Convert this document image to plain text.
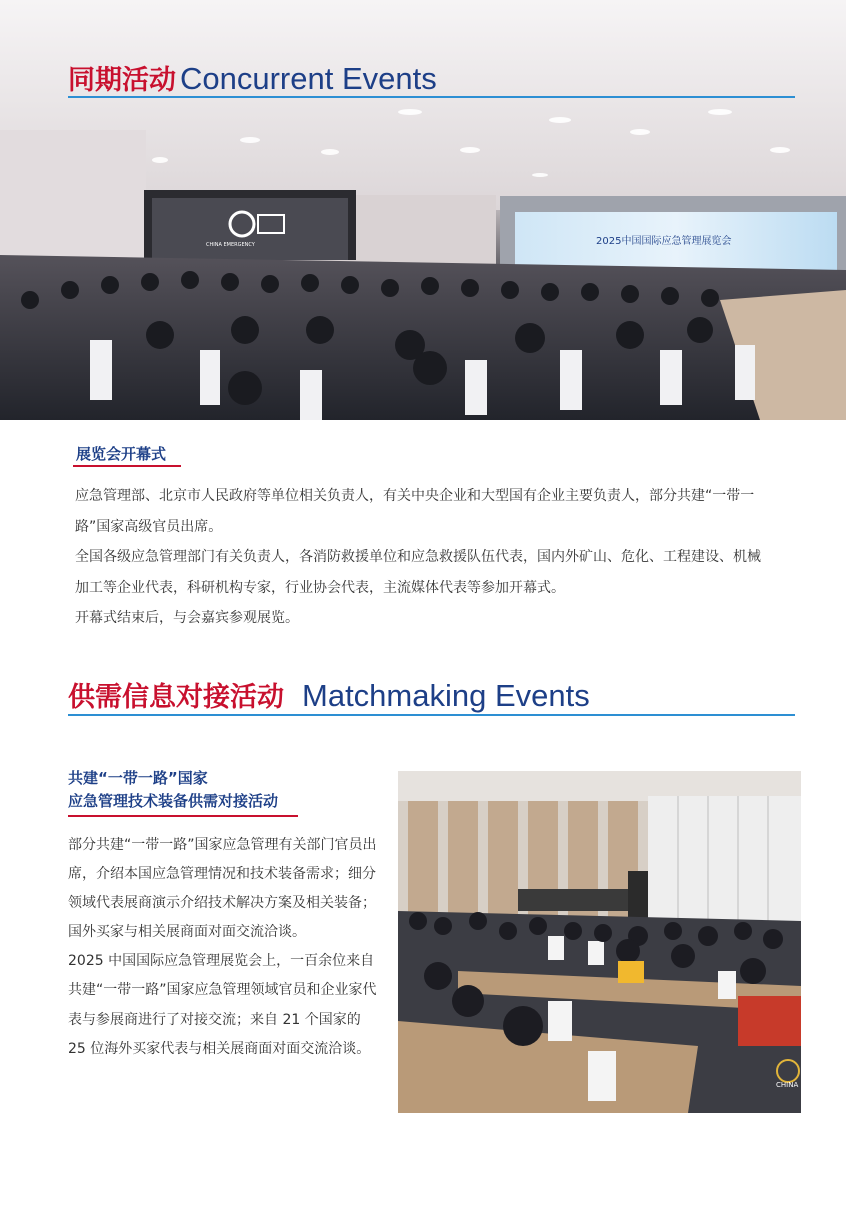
CHINA EMERGENCY	2025中国国际应急管理展览会
同期活动 Concurrent Events
展览会开幕式

应急管理部、北京市人民政府等单位相关负责人，有关中央企业和大型国有企业主要负责人，部分共建“一带一路”国家高级官员出席。

全国各级应急管理部门有关负责人，各消防救援单位和应急救援队伍代表，国内外矿山、危化、工程建设、机械加工等企业代表，科研机构专家，行业协会代表，主流媒体代表等参加开幕式。

开幕式结束后，与会嘉宾参观展览。

供需信息对接活动 Matchmaking Events
共建“一带一路”国家
应急管理技术装备供需对接活动

部分共建“一带一路”国家应急管理有关部门官员出席，介绍本国应急管理情况和技术装备需求；细分领域代表展商演示介绍技术解决方案及相关装备；国外买家与相关展商面对面交流洽谈。

2025 中国国际应急管理展览会上，一百余位来自共建“一带一路”国家应急管理领域官员和企业家代表与参展商进行了对接交流；来自 21 个国家的 25 位海外买家代表与相关展商面对面交流洽谈。

CHINA
